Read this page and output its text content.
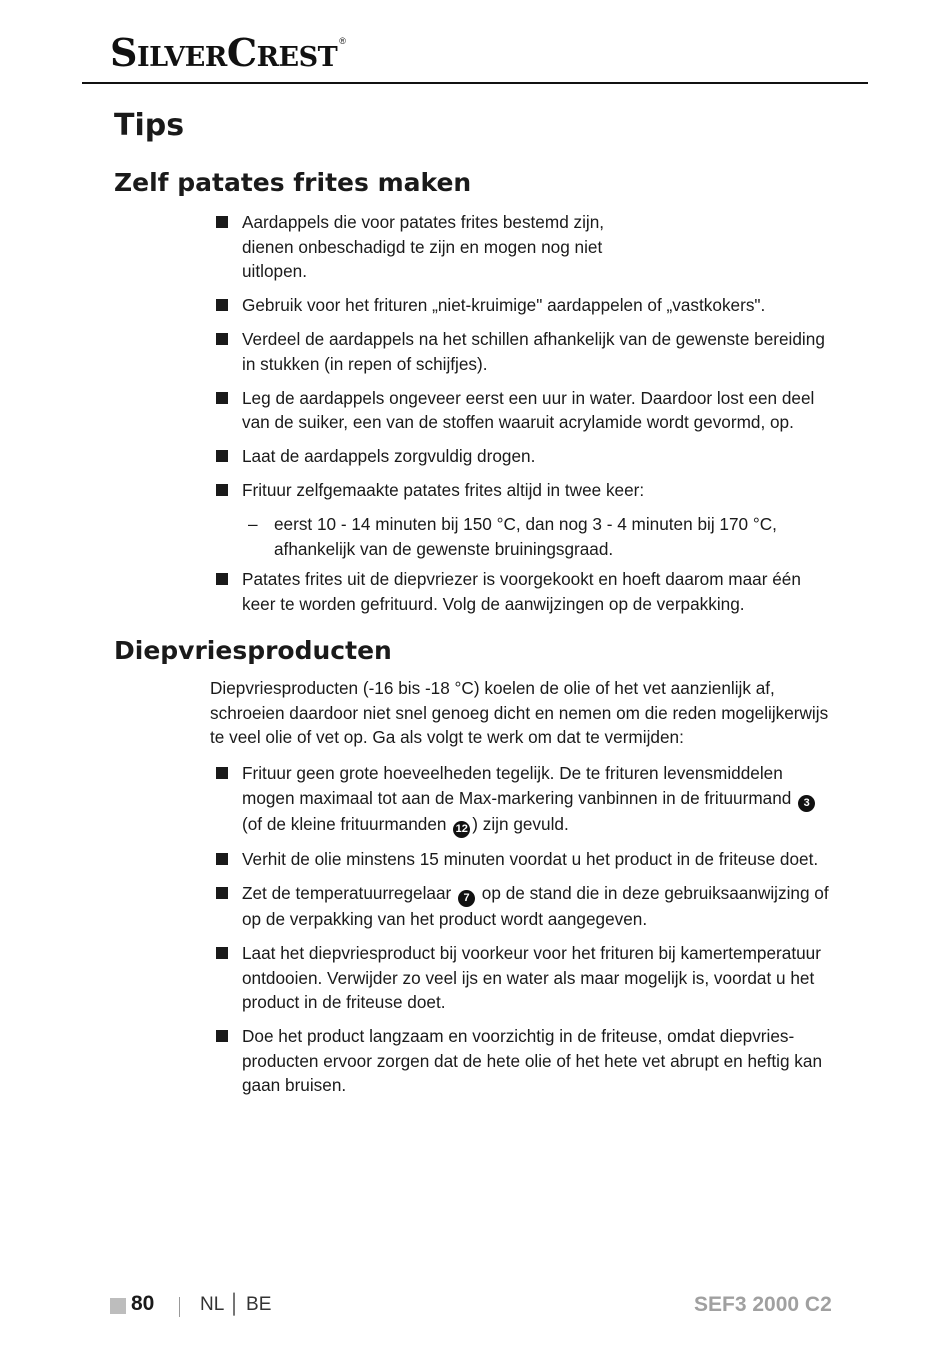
SilverCrest ®
Tips
Zelf patates frites maken
Aardappels die voor patates frites bestemd zijn, dienen onbeschadigd te zijn en mogen nog niet uitlopen.
Gebruik voor het frituren „niet-kruimige" aardappelen of „vastkokers".
Verdeel de aardappels na het schillen afhankelijk van de gewenste bereiding in stukken (in repen of schijfjes).
Leg de aardappels ongeveer eerst een uur in water. Daardoor lost een deel van de suiker, een van de stoffen waaruit acrylamide wordt gevormd, op.
Laat de aardappels zorgvuldig drogen.
Frituur zelfgemaakte patates frites altijd in twee keer:
– eerst 10 - 14 minuten bij 150 °C, dan nog 3 - 4 minuten bij 170 °C, afhankelijk van de gewenste bruiningsgraad.
Patates frites uit de diepvriezer is voorgekookt en hoeft daarom maar één keer te worden gefrituurd. Volg de aanwijzingen op de verpakking.
Diepvriesproducten

Diepvriesproducten (-16 bis -18 °C) koelen de olie of het vet aanzienlijk af, schroeien daardoor niet snel genoeg dicht en nemen om die reden mogelijkerwijs te veel olie of vet op. Ga als volgt te werk om dat te vermijden:

Frituur geen grote hoeveelheden tegelijk. De te frituren levensmiddelen mogen maximaal tot aan de Max-markering vanbinnen in de frituurmand 3 (of de kleine frituurmanden 12 ) zijn gevuld.
Verhit de olie minstens 15 minuten voordat u het product in de friteuse doet.
Zet de temperatuurregelaar 7 op de stand die in deze gebruiksaanwijzing of op de verpakking van het product wordt aangegeven.
Laat het diepvriesproduct bij voorkeur voor het frituren bij kamertemperatuur ontdooien. Verwijder zo veel ijs en water als maar mogelijk is, voordat u het product in de friteuse doet.
Doe het product langzaam en voorzichtig in de friteuse, omdat diepvries-producten ervoor zorgen dat de hete olie of het hete vet abrupt en heftig kan gaan bruisen.
80 NL │ BE	SEF3 2000 C2
